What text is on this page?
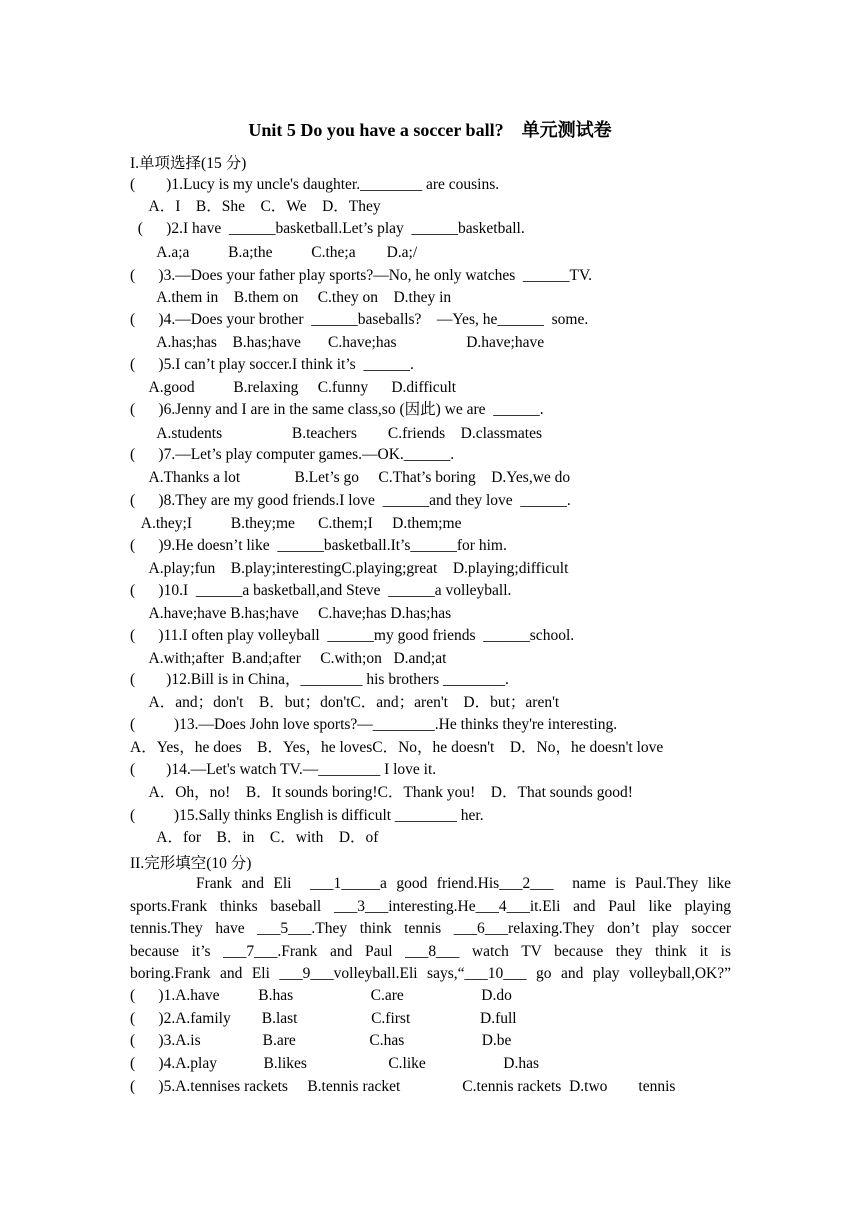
Unit 5 Do you have a soccer ball?    单元测试卷
I.单项选择(15 分)
(        )1.Lucy is my uncle's daughter.________ are cousins.
A．I    B．She    C．We    D．They
(      )2.I have  ______basketball.Let’s play  ______basketball.
A.a;a          B.a;the          C.the;a        D.a;/
(      )3.—Does your father play sports?—No, he only watches  ______TV.
A.them in    B.them on     C.they on    D.they in
(      )4.—Does your brother  ______baseballs?    —Yes, he______  some.
A.has;has    B.has;have       C.have;has                  D.have;have
(      )5.I can’t play soccer.I think it’s  ______.
A.good          B.relaxing     C.funny      D.difficult
(      )6.Jenny and I are in the same class,so (因此) we are  ______.
A.students                  B.teachers        C.friends    D.classmates
(      )7.—Let’s play computer games.—OK.______.
A.Thanks a lot              B.Let’s go     C.That’s boring    D.Yes,we do
(      )8.They are my good friends.I love  ______and they love  ______.
A.they;I          B.they;me      C.them;I     D.them;me
(      )9.He doesn’t like  ______basketball.It’s______for him.
A.play;fun    B.play;interestingC.playing;great    D.playing;difficult
(      )10.I  ______a basketball,and Steve  ______a volleyball.
A.have;have B.has;have     C.have;has D.has;has
(      )11.I often play volleyball  ______my good friends  ______school.
A.with;after  B.and;after     C.with;on   D.and;at
(        )12.Bill is in China，________ his brothers ________.
A．and；don't    B．but；don'tC．and；aren't    D．but；aren't
(          )13.—Does John love sports?—________.He thinks they're interesting.
A．Yes，he does    B．Yes，he lovesC．No，he doesn't    D．No，he doesn't love
(        )14.—Let's watch TV.—________ I love it.
A．Oh，no!    B．It sounds boring!C．Thank you!    D．That sounds good!
(          )15.Sally thinks English is difficult ________ her.
A．for    B．in    C．with    D．of
II.完形填空(10 分)
Frank and Eli  ___1_____a good friend.His___2___  name is Paul.They like
sports.Frank thinks baseball ___3___interesting.He___4___it.Eli and Paul like playing
tennis.They have ___5___.They think tennis ___6___relaxing.They don’t play soccer
because it’s ___7___.Frank and Paul ___8___ watch TV because they think it is
boring.Frank and Eli ___9___volleyball.Eli says,“___10___ go and play volleyball,OK?”
(      )1.A.have          B.has                    C.are                    D.do
(      )2.A.family        B.last                   C.first                  D.full
(      )3.A.is                B.are                   C.has                    D.be
(      )4.A.play            B.likes                     C.like                    D.has
(      )5.A.tennises rackets     B.tennis racket                C.tennis rackets  D.two        tennis
